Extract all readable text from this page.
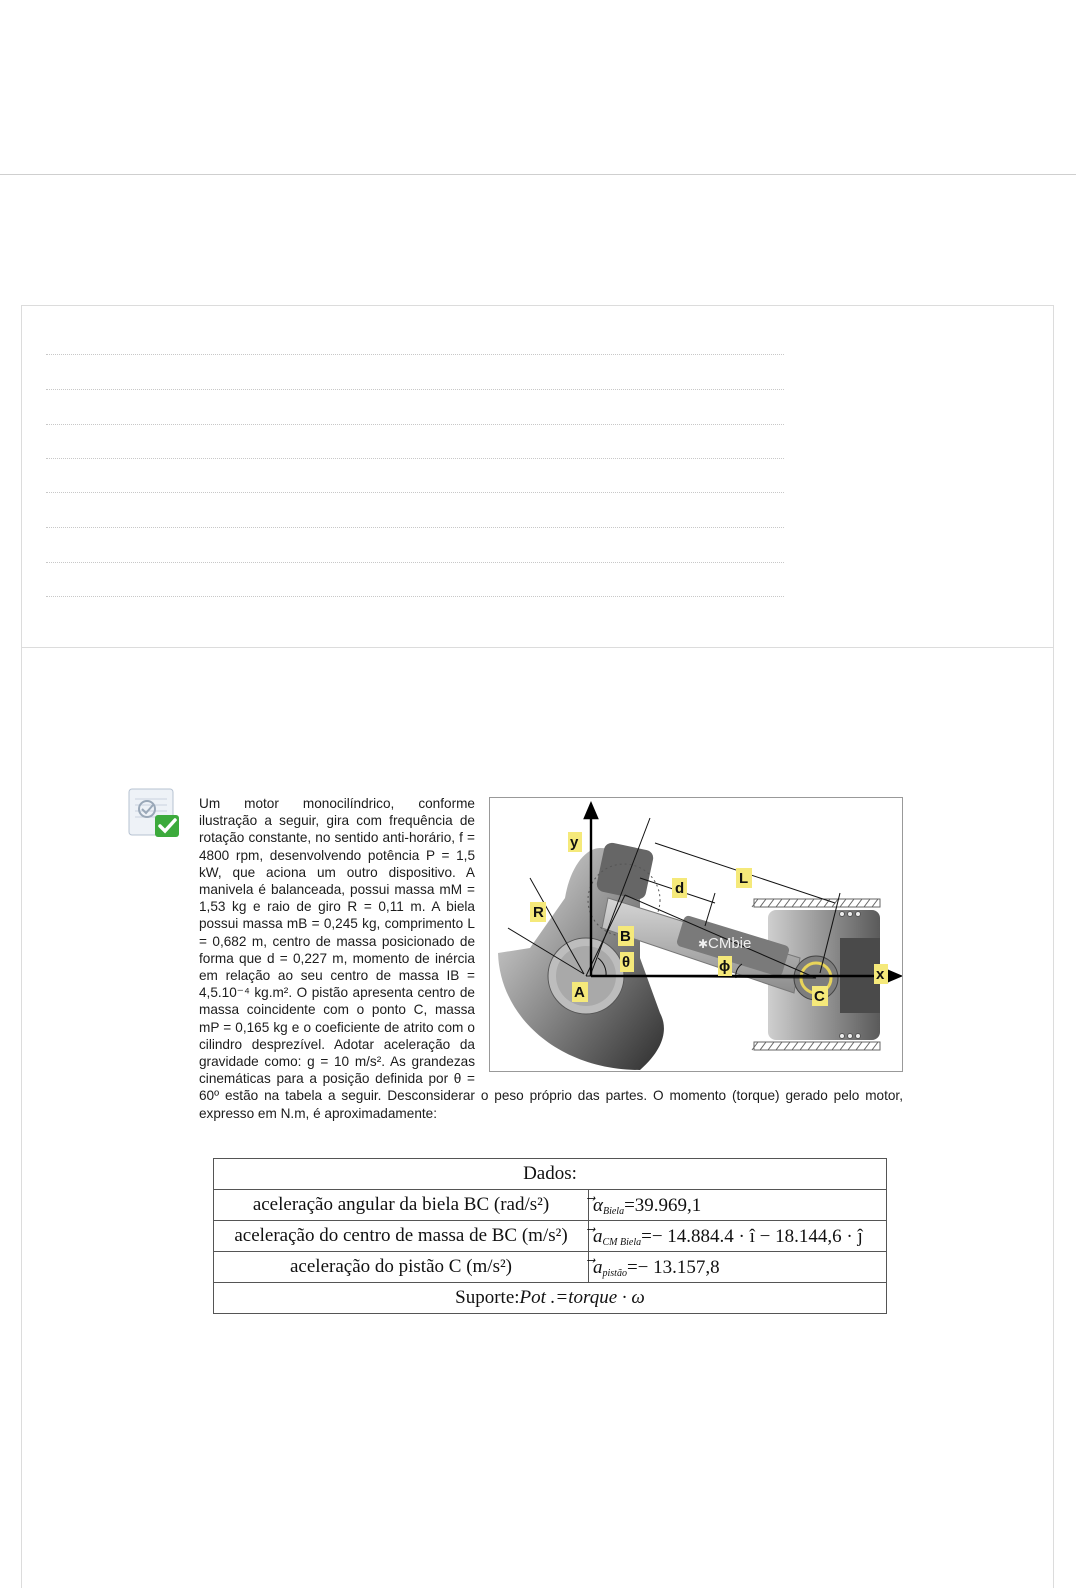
y
x
R
L
d
A
B
C
θ	ϕ
CMbie
✱

Um motor monocilíndrico, conforme ilustração a seguir, gira com frequência de rotação constante, no sentido anti-horário, f = 4800 rpm, desenvolvendo potência P = 1,5 kW, que aciona um outro dispositivo. A manivela é balanceada, possui massa mM = 1,53 kg e raio de giro R = 0,11 m. A biela possui massa mB = 0,245 kg, comprimento L = 0,682 m, centro de massa posicionado de forma que d = 0,227 m, momento de inércia em relação ao seu centro de massa IB = 4,5.10⁻⁴ kg.m². O pistão apresenta centro de massa coincidente com o ponto C, massa mP = 0,165 kg e o coeficiente de atrito com o cilindro desprezível. Adotar aceleração da gravidade como: g = 10 m/s². As grandezas cinemáticas para a posição definida por θ = 60º estão na tabela a seguir. Desconsiderar o peso próprio das partes. O momento (torque) gerado pelo motor, expresso em N.m, é aproximadamente:

Dados:	
aceleração angular da biela BC (rad/s²)	$\alpha_{Biela}=39.969,1$
aceleração do centro de massa de BC (m/s²)	$a_{CM Biela}=- 14.884.4$ · î − 18.144,6 · ĵ
aceleração do pistão C (m/s²)	$a_{pistão}=- 13.157,8$
Suporte:Pot .=torque · ω	
